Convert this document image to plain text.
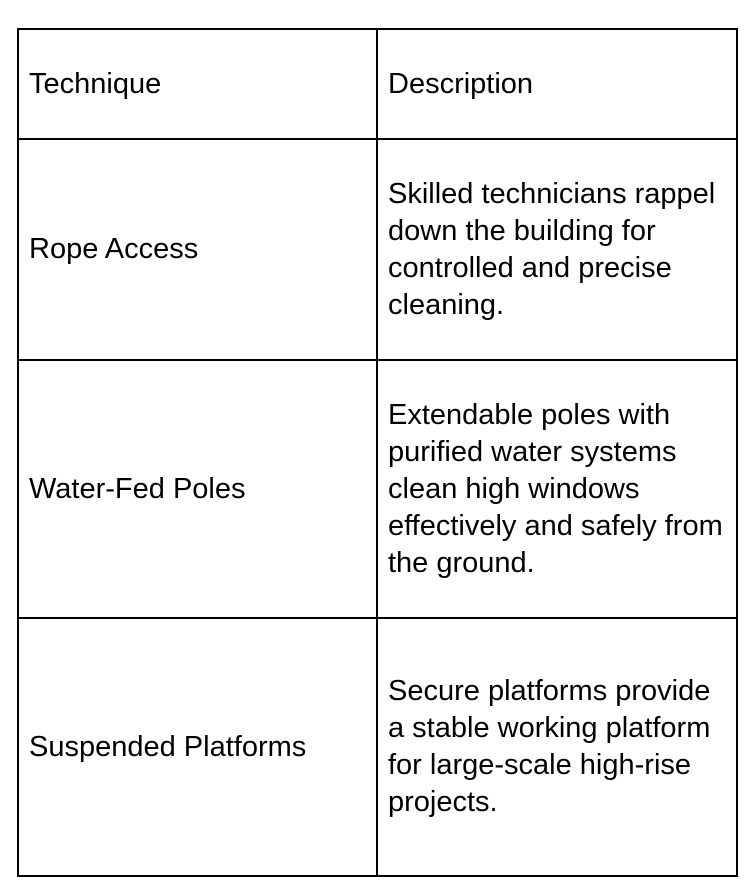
Technique	Description
Rope Access	Skilled technicians rappel down the building for controlled and precise cleaning.
Water-Fed Poles	Extendable poles with purified water systems clean high windows effectively and safely from the ground.
Suspended Platforms	Secure platforms provide a stable working platform for large-scale high-rise projects.
